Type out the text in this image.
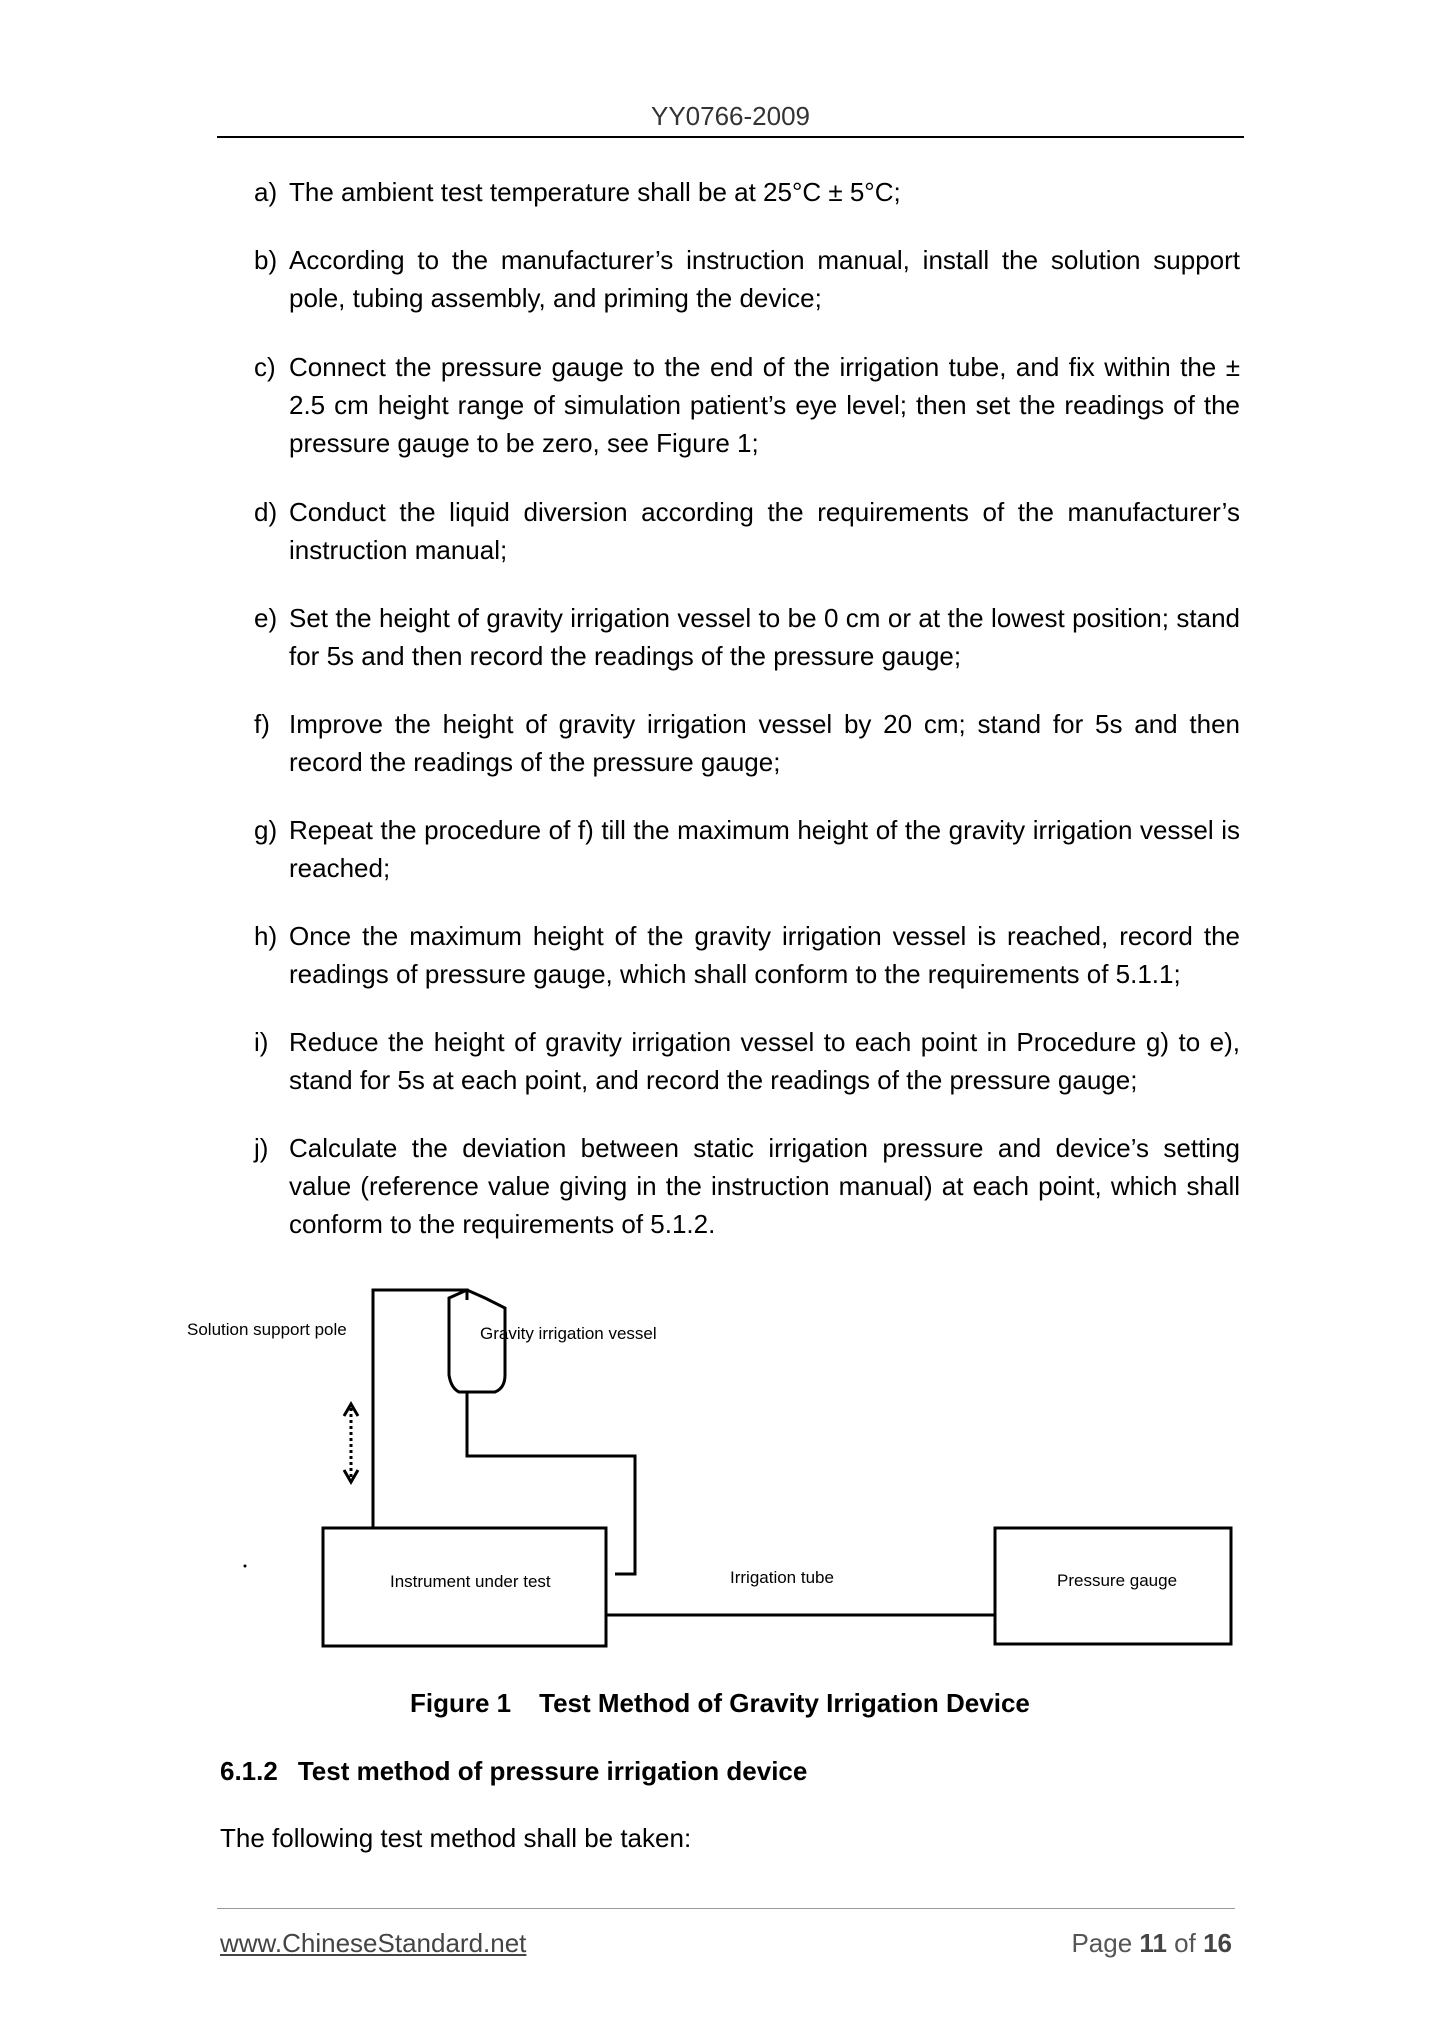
YY0766-2009
a) The ambient test temperature shall be at 25°C ± 5°C;
b) According to the manufacturer’s instruction manual, install the solution support pole, tubing assembly, and priming the device;
c) Connect the pressure gauge to the end of the irrigation tube, and fix within the ± 2.5 cm height range of simulation patient’s eye level; then set the readings of the pressure gauge to be zero, see Figure 1;
d) Conduct the liquid diversion according the requirements of the manufacturer’s instruction manual;
e) Set the height of gravity irrigation vessel to be 0 cm or at the lowest position; stand for 5s and then record the readings of the pressure gauge;
f) Improve the height of gravity irrigation vessel by 20 cm; stand for 5s and then record the readings of the pressure gauge;
g) Repeat the procedure of f) till the maximum height of the gravity irrigation vessel is reached;
h) Once the maximum height of the gravity irrigation vessel is reached, record the readings of pressure gauge, which shall conform to the requirements of 5.1.1;
i) Reduce the height of gravity irrigation vessel to each point in Procedure g) to e), stand for 5s at each point, and record the readings of the pressure gauge;
j) Calculate the deviation between static irrigation pressure and device’s setting value (reference value giving in the instruction manual) at each point, which shall conform to the requirements of 5.1.2.
Solution support pole	Gravity irrigation vessel
Instrument under test	Irrigation tube	Pressure gauge
Figure 1 Test Method of Gravity Irrigation Device
6.1.2 Test method of pressure irrigation device
The following test method shall be taken:
www.ChineseStandard.net	Page 11 of 16
